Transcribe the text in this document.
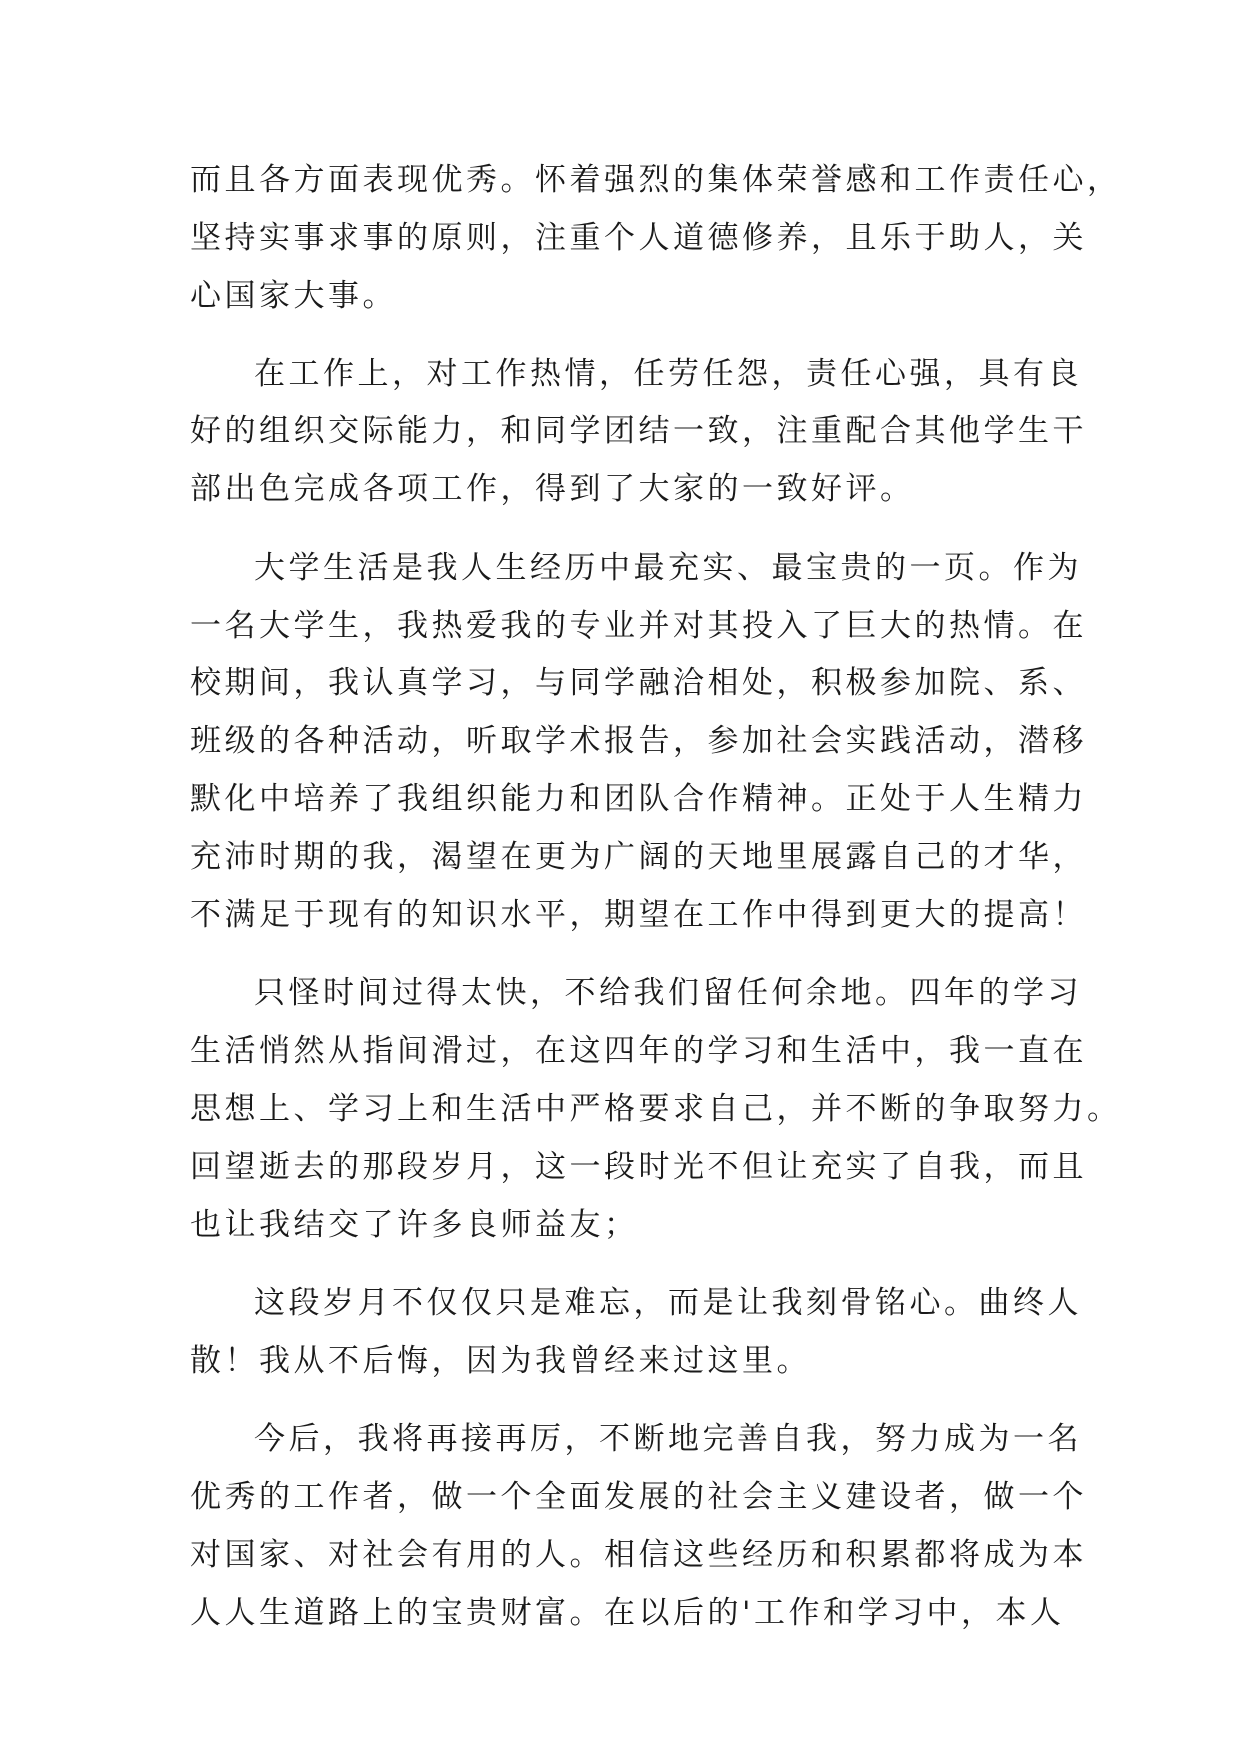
而且各方面表现优秀。怀着强烈的集体荣誉感和工作责任心，
坚持实事求事的原则，注重个人道德修养，且乐于助人，关
心国家大事。
在工作上，对工作热情，任劳任怨，责任心强，具有良
好的组织交际能力，和同学团结一致，注重配合其他学生干
部出色完成各项工作，得到了大家的一致好评。
大学生活是我人生经历中最充实、最宝贵的一页。作为
一名大学生，我热爱我的专业并对其投入了巨大的热情。在
校期间，我认真学习，与同学融洽相处，积极参加院、系、
班级的各种活动，听取学术报告，参加社会实践活动，潜移
默化中培养了我组织能力和团队合作精神。正处于人生精力
充沛时期的我，渴望在更为广阔的天地里展露自己的才华，
不满足于现有的知识水平，期望在工作中得到更大的提高！
只怪时间过得太快，不给我们留任何余地。四年的学习
生活悄然从指间滑过，在这四年的学习和生活中，我一直在
思想上、学习上和生活中严格要求自己，并不断的争取努力。
回望逝去的那段岁月，这一段时光不但让充实了自我，而且
也让我结交了许多良师益友；
这段岁月不仅仅只是难忘，而是让我刻骨铭心。曲终人
散！我从不后悔，因为我曾经来过这里。
今后，我将再接再厉，不断地完善自我，努力成为一名
优秀的工作者，做一个全面发展的社会主义建设者，做一个
对国家、对社会有用的人。相信这些经历和积累都将成为本
人人生道路上的宝贵财富。在以后的'工作和学习中，本人
